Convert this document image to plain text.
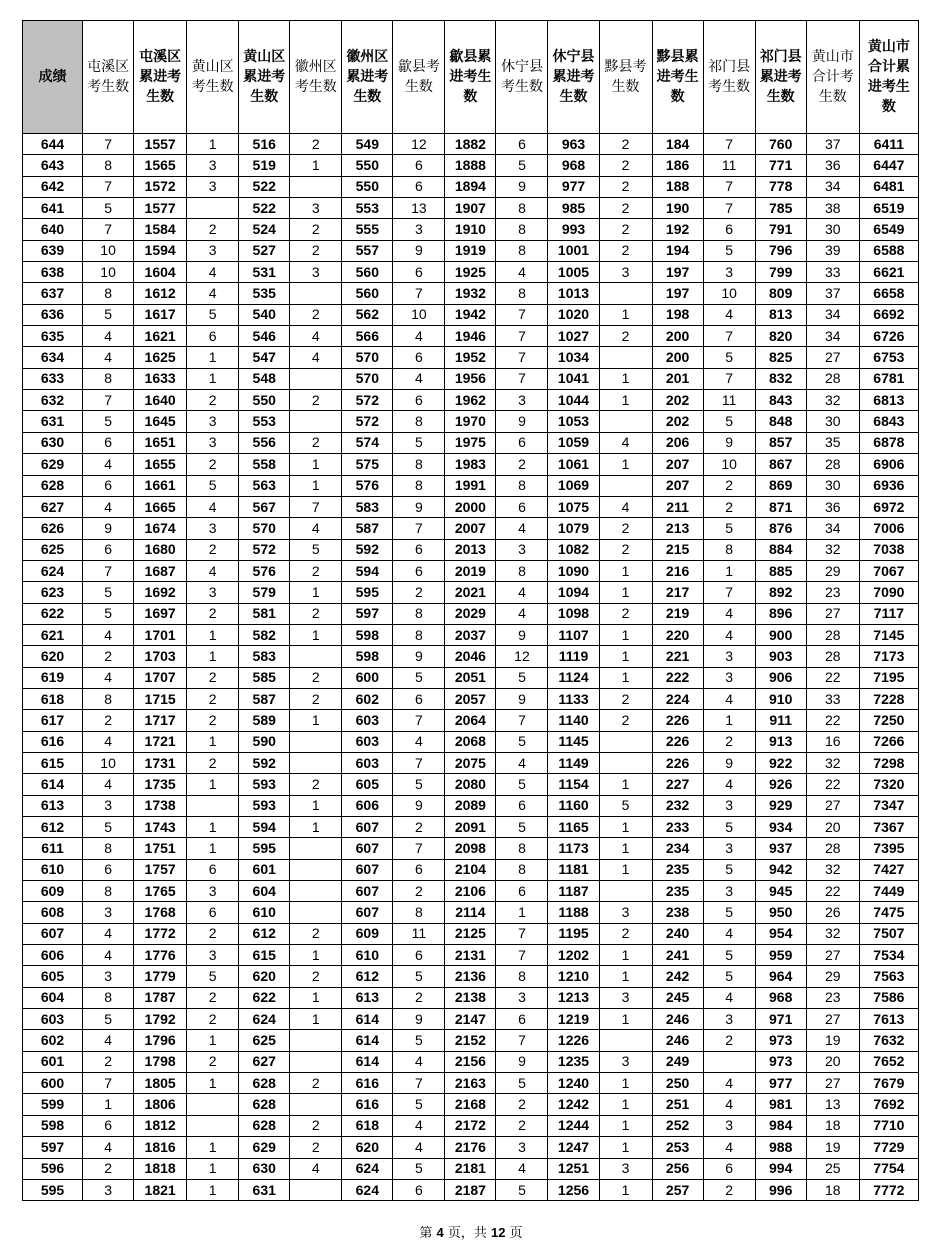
成绩	屯溪区考生数	屯溪区累进考生数	黄山区考生数	黄山区累进考生数	徽州区考生数	徽州区累进考生数	歙县考生数	歙县累进考生数	休宁县考生数	休宁县累进考生数	黟县考生数	黟县累进考生数	祁门县考生数	祁门县累进考生数	黄山市合计考生数	黄山市合计累进考生数
644	7	1557	1	516	2	549	12	1882	6	963	2	184	7	760	37	6411
643	8	1565	3	519	1	550	6	1888	5	968	2	186	11	771	36	6447
642	7	1572	3	522		550	6	1894	9	977	2	188	7	778	34	6481
641	5	1577		522	3	553	13	1907	8	985	2	190	7	785	38	6519
640	7	1584	2	524	2	555	3	1910	8	993	2	192	6	791	30	6549
639	10	1594	3	527	2	557	9	1919	8	1001	2	194	5	796	39	6588
638	10	1604	4	531	3	560	6	1925	4	1005	3	197	3	799	33	6621
637	8	1612	4	535		560	7	1932	8	1013		197	10	809	37	6658
636	5	1617	5	540	2	562	10	1942	7	1020	1	198	4	813	34	6692
635	4	1621	6	546	4	566	4	1946	7	1027	2	200	7	820	34	6726
634	4	1625	1	547	4	570	6	1952	7	1034		200	5	825	27	6753
633	8	1633	1	548		570	4	1956	7	1041	1	201	7	832	28	6781
632	7	1640	2	550	2	572	6	1962	3	1044	1	202	11	843	32	6813
631	5	1645	3	553		572	8	1970	9	1053		202	5	848	30	6843
630	6	1651	3	556	2	574	5	1975	6	1059	4	206	9	857	35	6878
629	4	1655	2	558	1	575	8	1983	2	1061	1	207	10	867	28	6906
628	6	1661	5	563	1	576	8	1991	8	1069		207	2	869	30	6936
627	4	1665	4	567	7	583	9	2000	6	1075	4	211	2	871	36	6972
626	9	1674	3	570	4	587	7	2007	4	1079	2	213	5	876	34	7006
625	6	1680	2	572	5	592	6	2013	3	1082	2	215	8	884	32	7038
624	7	1687	4	576	2	594	6	2019	8	1090	1	216	1	885	29	7067
623	5	1692	3	579	1	595	2	2021	4	1094	1	217	7	892	23	7090
622	5	1697	2	581	2	597	8	2029	4	1098	2	219	4	896	27	7117
621	4	1701	1	582	1	598	8	2037	9	1107	1	220	4	900	28	7145
620	2	1703	1	583		598	9	2046	12	1119	1	221	3	903	28	7173
619	4	1707	2	585	2	600	5	2051	5	1124	1	222	3	906	22	7195
618	8	1715	2	587	2	602	6	2057	9	1133	2	224	4	910	33	7228
617	2	1717	2	589	1	603	7	2064	7	1140	2	226	1	911	22	7250
616	4	1721	1	590		603	4	2068	5	1145		226	2	913	16	7266
615	10	1731	2	592		603	7	2075	4	1149		226	9	922	32	7298
614	4	1735	1	593	2	605	5	2080	5	1154	1	227	4	926	22	7320
613	3	1738		593	1	606	9	2089	6	1160	5	232	3	929	27	7347
612	5	1743	1	594	1	607	2	2091	5	1165	1	233	5	934	20	7367
611	8	1751	1	595		607	7	2098	8	1173	1	234	3	937	28	7395
610	6	1757	6	601		607	6	2104	8	1181	1	235	5	942	32	7427
609	8	1765	3	604		607	2	2106	6	1187		235	3	945	22	7449
608	3	1768	6	610		607	8	2114	1	1188	3	238	5	950	26	7475
607	4	1772	2	612	2	609	11	2125	7	1195	2	240	4	954	32	7507
606	4	1776	3	615	1	610	6	2131	7	1202	1	241	5	959	27	7534
605	3	1779	5	620	2	612	5	2136	8	1210	1	242	5	964	29	7563
604	8	1787	2	622	1	613	2	2138	3	1213	3	245	4	968	23	7586
603	5	1792	2	624	1	614	9	2147	6	1219	1	246	3	971	27	7613
602	4	1796	1	625		614	5	2152	7	1226		246	2	973	19	7632
601	2	1798	2	627		614	4	2156	9	1235	3	249		973	20	7652
600	7	1805	1	628	2	616	7	2163	5	1240	1	250	4	977	27	7679
599	1	1806		628		616	5	2168	2	1242	1	251	4	981	13	7692
598	6	1812		628	2	618	4	2172	2	1244	1	252	3	984	18	7710
597	4	1816	1	629	2	620	4	2176	3	1247	1	253	4	988	19	7729
596	2	1818	1	630	4	624	5	2181	4	1251	3	256	6	994	25	7754
595	3	1821	1	631		624	6	2187	5	1256	1	257	2	996	18	7772
第 4 页，共 12 页
